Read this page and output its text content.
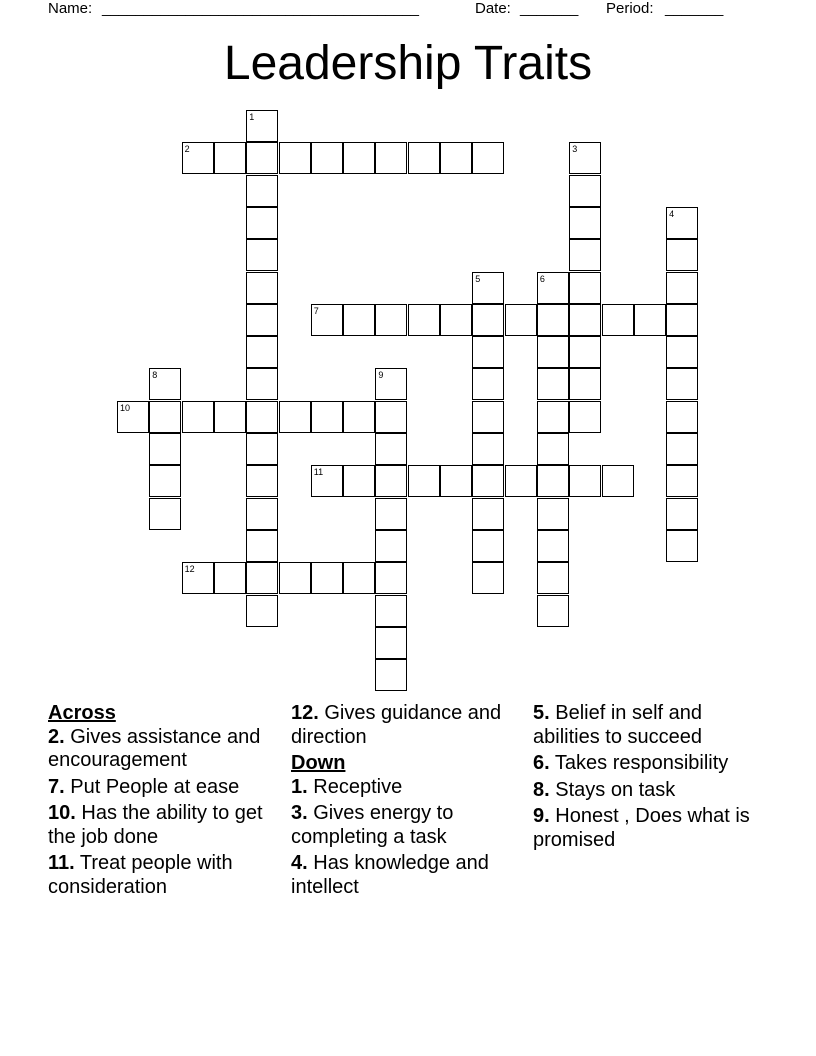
Name: ______________________________________	Date: _______ Period: _______
Leadership Traits
1
2	3
4
5	6
7
8	9
10
11
12
Across
2. Gives assistance and encouragement
7. Put People at ease
10. Has the ability to get the job done
11. Treat people with consideration
12. Gives guidance and direction
Down
1. Receptive
3. Gives energy to completing a task
4. Has knowledge and intellect
5. Belief in self and abilities to succeed
6. Takes responsibility
8. Stays on task
9. Honest , Does what is promised
